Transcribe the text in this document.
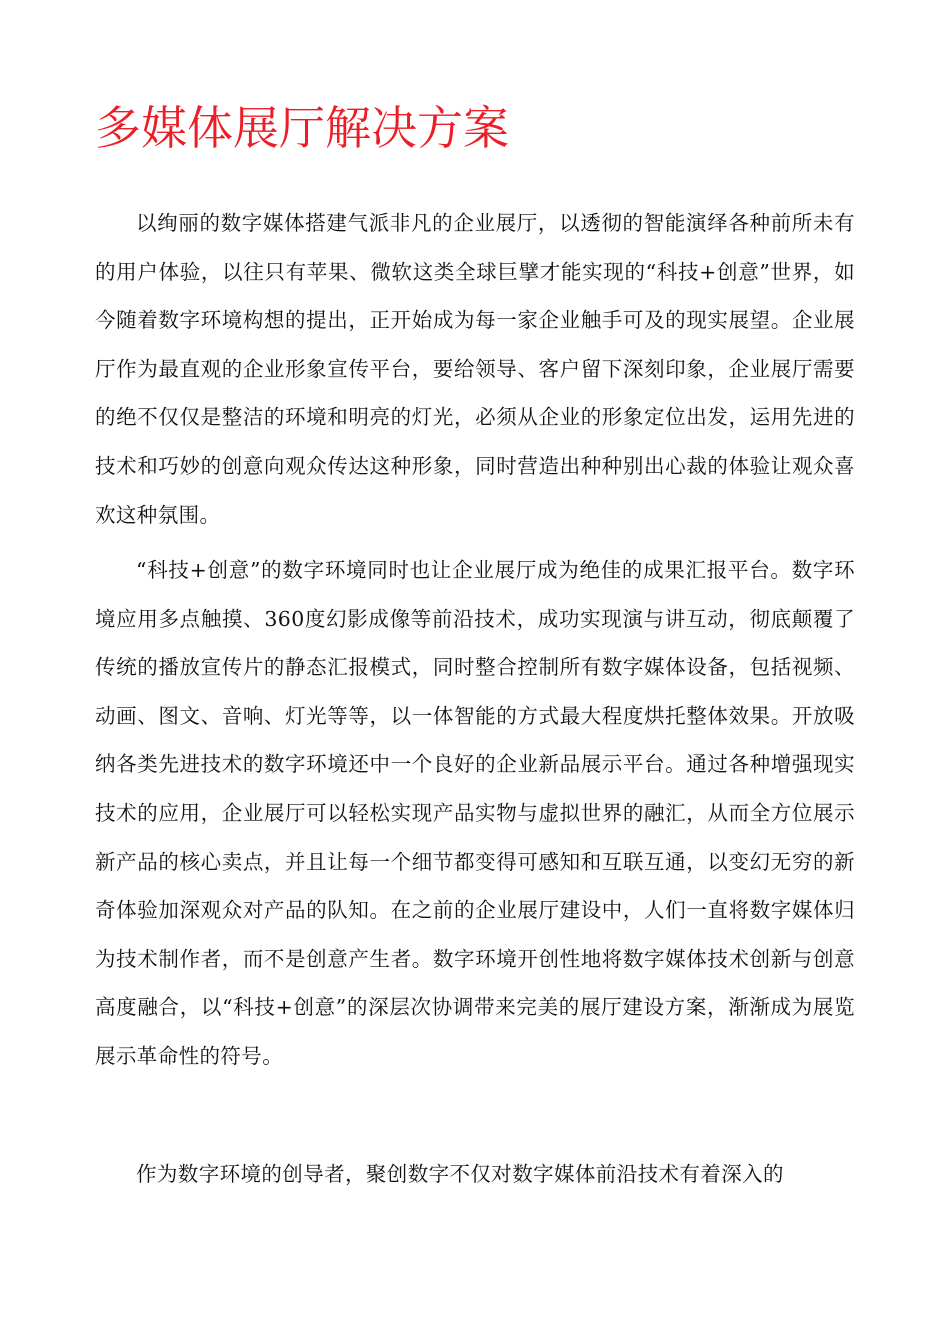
多媒体展厅解决方案

以绚丽的数字媒体搭建气派非凡的企业展厅，以透彻的智能演绎各种前所未有的用户体验，以往只有苹果、微软这类全球巨擘才能实现的“科技+创意”世界，如今随着数字环境构想的提出，正开始成为每一家企业触手可及的现实展望。企业展厅作为最直观的企业形象宣传平台，要给领导、客户留下深刻印象，企业展厅需要的绝不仅仅是整洁的环境和明亮的灯光，必须从企业的形象定位出发，运用先进的技术和巧妙的创意向观众传达这种形象，同时营造出种种别出心裁的体验让观众喜欢这种氛围。

“科技+创意”的数字环境同时也让企业展厅成为绝佳的成果汇报平台。数字环境应用多点触摸、360度幻影成像等前沿技术，成功实现演与讲互动，彻底颠覆了传统的播放宣传片的静态汇报模式，同时整合控制所有数字媒体设备，包括视频、动画、图文、音响、灯光等等，以一体智能的方式最大程度烘托整体效果。开放吸纳各类先进技术的数字环境还中一个良好的企业新品展示平台。通过各种增强现实技术的应用，企业展厅可以轻松实现产品实物与虚拟世界的融汇，从而全方位展示新产品的核心卖点，并且让每一个细节都变得可感知和互联互通，以变幻无穷的新奇体验加深观众对产品的队知。在之前的企业展厅建设中，人们一直将数字媒体归为技术制作者，而不是创意产生者。数字环境开创性地将数字媒体技术创新与创意高度融合，以“科技+创意”的深层次协调带来完美的展厅建设方案，渐渐成为展览展示革命性的符号。

作为数字环境的创导者，聚创数字不仅对数字媒体前沿技术有着深入的
